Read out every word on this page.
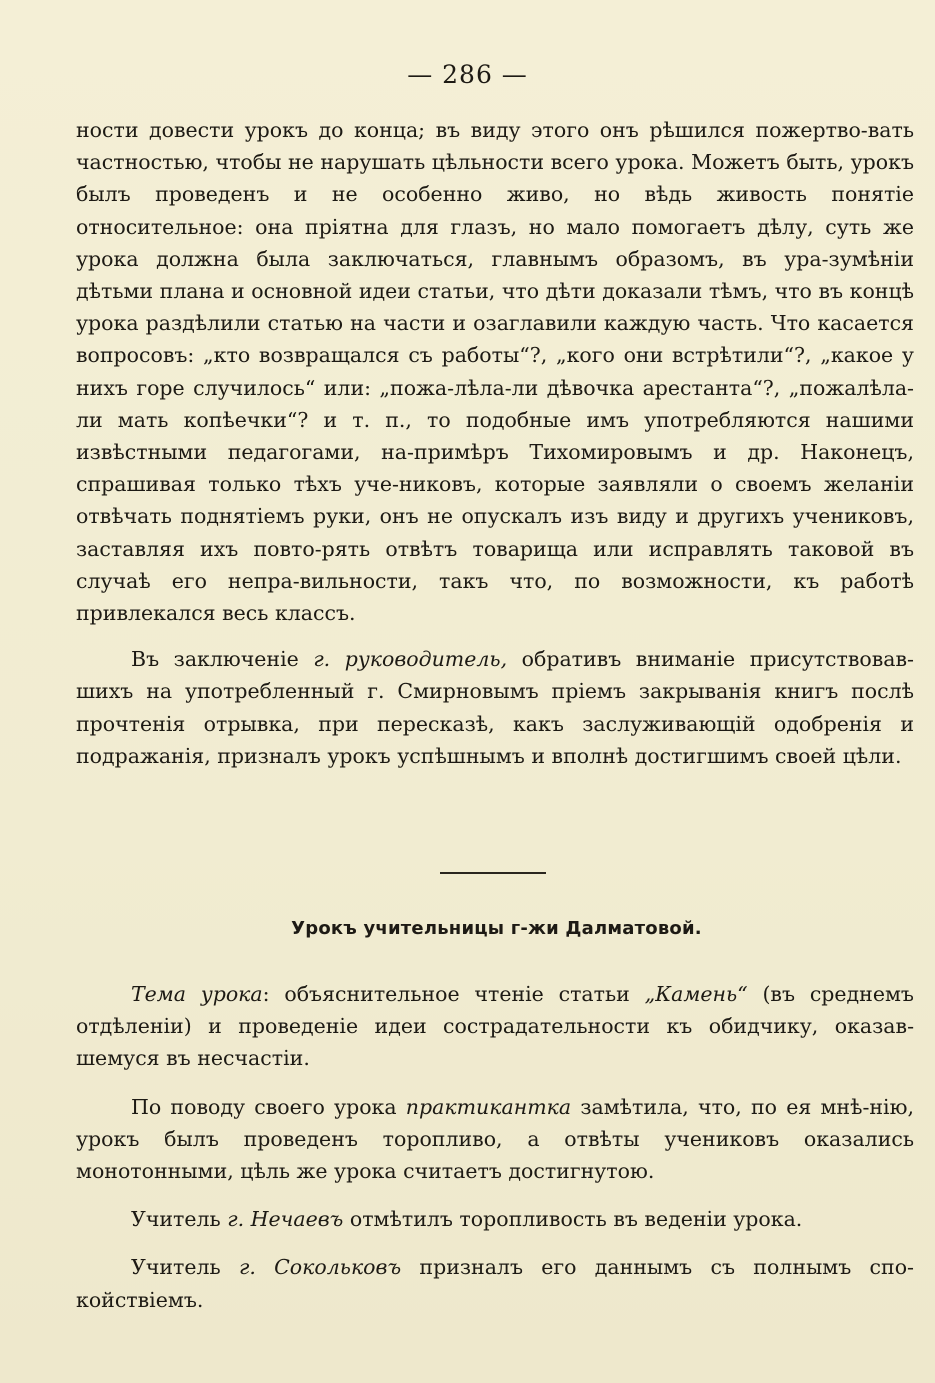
— 286 —

ности довести урокъ до конца; въ виду этого онъ рѣшился пожертво-вать частностью, чтобы не нарушать цѣльности всего урока. Можетъ быть, урокъ былъ проведенъ и не особенно живо, но вѣдь живость понятіе относительное: она пріятна для глазъ, но мало помогаетъ дѣлу, суть же урока должна была заключаться, главнымъ образомъ, въ ура-зумѣніи дѣтьми плана и основной идеи статьи, что дѣти доказали тѣмъ, что въ концѣ урока раздѣлили статью на части и озаглавили каждую часть. Что касается вопросовъ: „кто возвращался съ работы“?, „кого они встрѣтили“?, „какое у нихъ горе случилось“ или: „пожа-лѣла-ли дѣвочка арестанта“?, „пожалѣла-ли мать копѣечки“? и т. п., то подобные имъ употребляются нашими извѣстными педагогами, на-примѣръ Тихомировымъ и др. Наконецъ, спрашивая только тѣхъ уче-никовъ, которые заявляли о своемъ желаніи отвѣчать поднятіемъ руки, онъ не опускалъ изъ виду и другихъ учениковъ, заставляя ихъ повто-рять отвѣтъ товарища или исправлять таковой въ случаѣ его непра-вильности, такъ что, по возможности, къ работѣ привлекался весь классъ.

Въ заключеніе г. руководитель, обративъ вниманіе присутствовав-шихъ на употребленный г. Смирновымъ пріемъ закрыванія книгъ послѣ прочтенія отрывка, при пересказѣ, какъ заслуживающій одобренія и подражанія, призналъ урокъ успѣшнымъ и вполнѣ достигшимъ своей цѣли.

Урокъ учительницы г-жи Далматовой.

Тема урока: объяснительное чтеніе статьи „Камень“ (въ среднемъ отдѣленіи) и проведеніе идеи сострадательности къ обидчику, оказав-шемуся въ несчастіи.

По поводу своего урока практикантка замѣтила, что, по ея мнѣ-нію, урокъ былъ проведенъ торопливо, а отвѣты учениковъ оказались монотонными, цѣль же урока считаетъ достигнутою.

Учитель г. Нечаевъ отмѣтилъ торопливость въ веденіи урока.

Учитель г. Сокольковъ призналъ его даннымъ съ полнымъ спо-койствіемъ.
